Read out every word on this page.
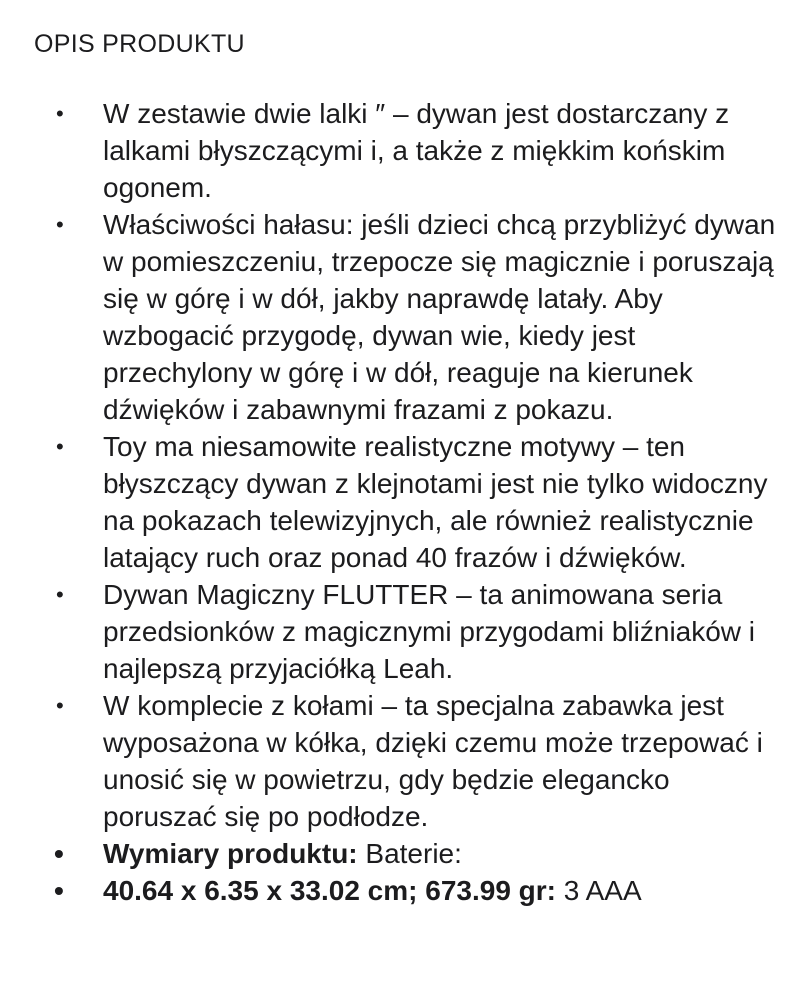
OPIS PRODUKTU
• W zestawie dwie lalki ″ – dywan jest dostarczany z lalkami błyszczącymi i, a także z miękkim końskim ogonem.
• Właściwości hałasu: jeśli dzieci chcą przybliżyć dywan w pomieszczeniu, trzepocze się magicznie i poruszają się w górę i w dół, jakby naprawdę latały. Aby wzbogacić przygodę, dywan wie, kiedy jest przechylony w górę i w dół, reaguje na kierunek dźwięków i zabawnymi frazami z pokazu.
• Toy ma niesamowite realistyczne motywy – ten błyszczący dywan z klejnotami jest nie tylko widoczny na pokazach telewizyjnych, ale również realistycznie latający ruch oraz ponad 40 frazów i dźwięków.
• Dywan Magiczny FLUTTER – ta animowana seria przedsionków z magicznymi przygodami bliźniaków i najlepszą przyjaciółką Leah.
• W komplecie z kołami – ta specjalna zabawka jest wyposażona w kółka, dzięki czemu może trzepować i unosić się w powietrzu, gdy będzie elegancko poruszać się po podłodze.
• Wymiary produktu: Baterie:
• 40.64 x 6.35 x 33.02 cm; 673.99 gr: 3 AAA
